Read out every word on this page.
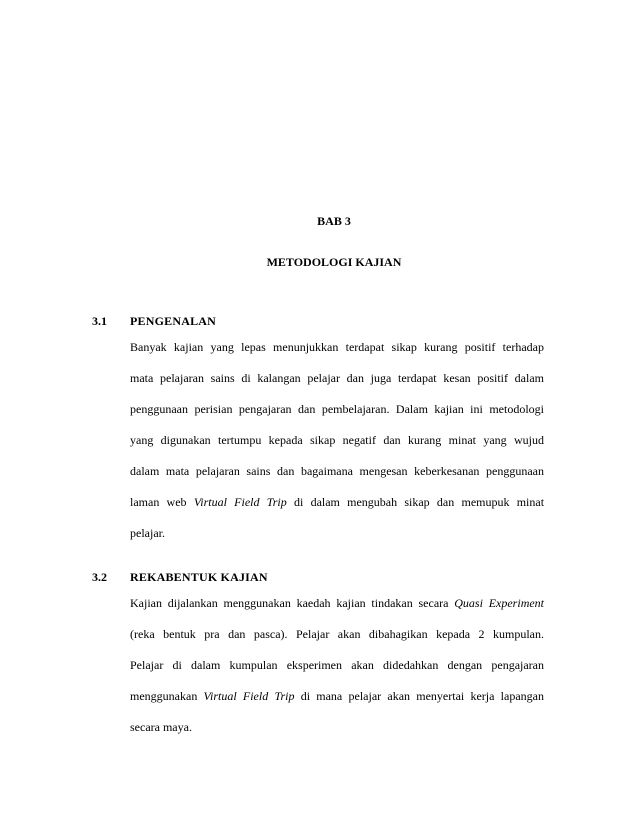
BAB 3
METODOLOGI KAJIAN
3.1 PENGENALAN
Banyak kajian yang lepas menunjukkan terdapat sikap kurang positif terhadap
mata pelajaran sains di kalangan pelajar dan juga terdapat kesan positif dalam
penggunaan perisian pengajaran dan pembelajaran. Dalam kajian ini metodologi
yang digunakan tertumpu kepada sikap negatif dan kurang minat yang wujud
dalam mata pelajaran sains dan bagaimana mengesan keberkesanan penggunaan
laman web Virtual Field Trip di dalam mengubah sikap dan memupuk minat
pelajar.
3.2 REKABENTUK KAJIAN
Kajian dijalankan menggunakan kaedah kajian tindakan secara Quasi Experiment
(reka bentuk pra dan pasca). Pelajar akan dibahagikan kepada 2 kumpulan.
Pelajar di dalam kumpulan eksperimen akan didedahkan dengan pengajaran
menggunakan Virtual Field Trip di mana pelajar akan menyertai kerja lapangan
secara maya.
